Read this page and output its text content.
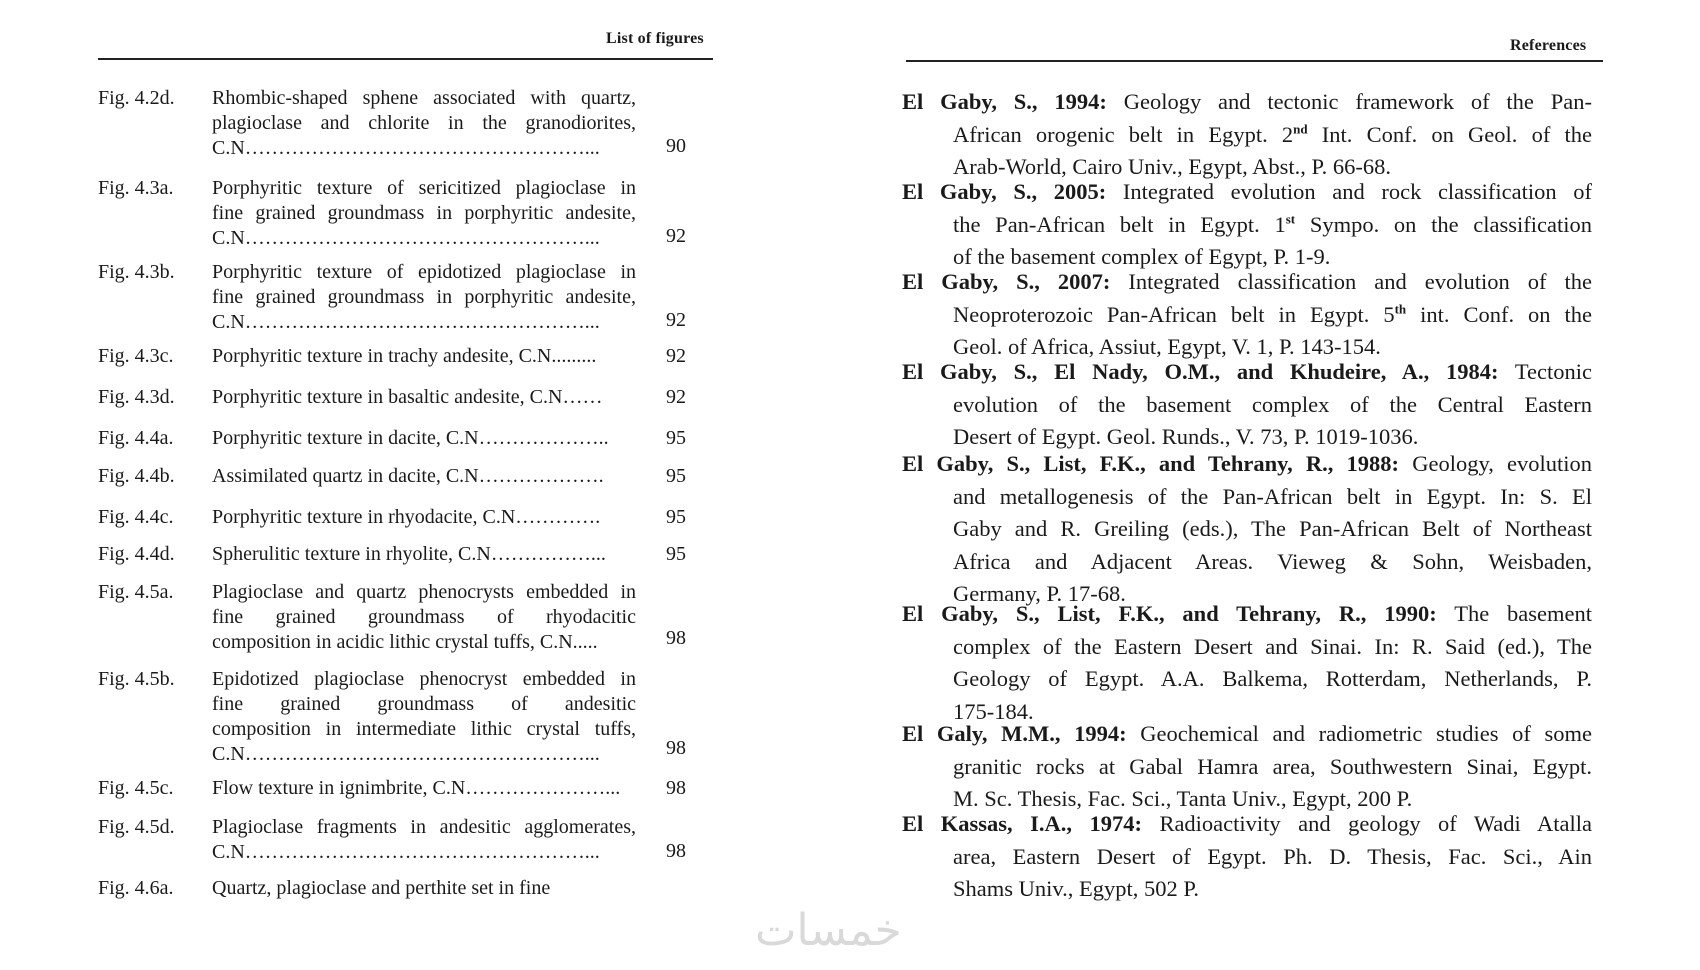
List of figures
Fig. 4.2d. Rhombic-shaped sphene associated with quartz,
plagioclase and chlorite in the granodiorites,
C.N……………………………………………...	90
Fig. 4.3a. Porphyritic texture of sericitized plagioclase in
fine grained groundmass in porphyritic andesite,
C.N……………………………………………...	92
Fig. 4.3b. Porphyritic texture of epidotized plagioclase in
fine grained groundmass in porphyritic andesite,
C.N……………………………………………...	92
Fig. 4.3c. Porphyritic texture in trachy andesite, C.N.........	92
Fig. 4.3d. Porphyritic texture in basaltic andesite, C.N……	92
Fig. 4.4a. Porphyritic texture in dacite, C.N………………..	95
Fig. 4.4b. Assimilated quartz in dacite, C.N……………….	95
Fig. 4.4c. Porphyritic texture in rhyodacite, C.N………….	95
Fig. 4.4d. Spherulitic texture in rhyolite, C.N……………...	95
Fig. 4.5a. Plagioclase and quartz phenocrysts embedded in
fine grained groundmass of rhyodacitic
composition in acidic lithic crystal tuffs, C.N.....	98
Fig. 4.5b. Epidotized plagioclase phenocryst embedded in
fine grained groundmass of andesitic
composition in intermediate lithic crystal tuffs,
C.N……………………………………………...	98
Fig. 4.5c. Flow texture in ignimbrite, C.N…………………...	98
Fig. 4.5d. Plagioclase fragments in andesitic agglomerates,
C.N……………………………………………...	98
Fig. 4.6a. Quartz, plagioclase and perthite set in fine
References
El Gaby, S., 1994: Geology and tectonic framework of the Pan-
African orogenic belt in Egypt. 2nd Int. Conf. on Geol. of the
Arab-World, Cairo Univ., Egypt, Abst., P. 66-68.
El Gaby, S., 2005: Integrated evolution and rock classification of
the Pan-African belt in Egypt. 1st Sympo. on the classification
of the basement complex of Egypt, P. 1-9.
El Gaby, S., 2007: Integrated classification and evolution of the
Neoproterozoic Pan-African belt in Egypt. 5th int. Conf. on the
Geol. of Africa, Assiut, Egypt, V. 1, P. 143-154.
El Gaby, S., El Nady, O.M., and Khudeire, A., 1984: Tectonic
evolution of the basement complex of the Central Eastern
Desert of Egypt. Geol. Runds., V. 73, P. 1019-1036.
El Gaby, S., List, F.K., and Tehrany, R., 1988: Geology, evolution
and metallogenesis of the Pan-African belt in Egypt. In: S. El
Gaby and R. Greiling (eds.), The Pan-African Belt of Northeast
Africa and Adjacent Areas. Vieweg & Sohn, Weisbaden,
Germany, P. 17-68.
El Gaby, S., List, F.K., and Tehrany, R., 1990: The basement
complex of the Eastern Desert and Sinai. In: R. Said (ed.), The
Geology of Egypt. A.A. Balkema, Rotterdam, Netherlands, P.
175-184.
El Galy, M.M., 1994: Geochemical and radiometric studies of some
granitic rocks at Gabal Hamra area, Southwestern Sinai, Egypt.
M. Sc. Thesis, Fac. Sci., Tanta Univ., Egypt, 200 P.
El Kassas, I.A., 1974: Radioactivity and geology of Wadi Atalla
area, Eastern Desert of Egypt. Ph. D. Thesis, Fac. Sci., Ain
Shams Univ., Egypt, 502 P.
خمسات
